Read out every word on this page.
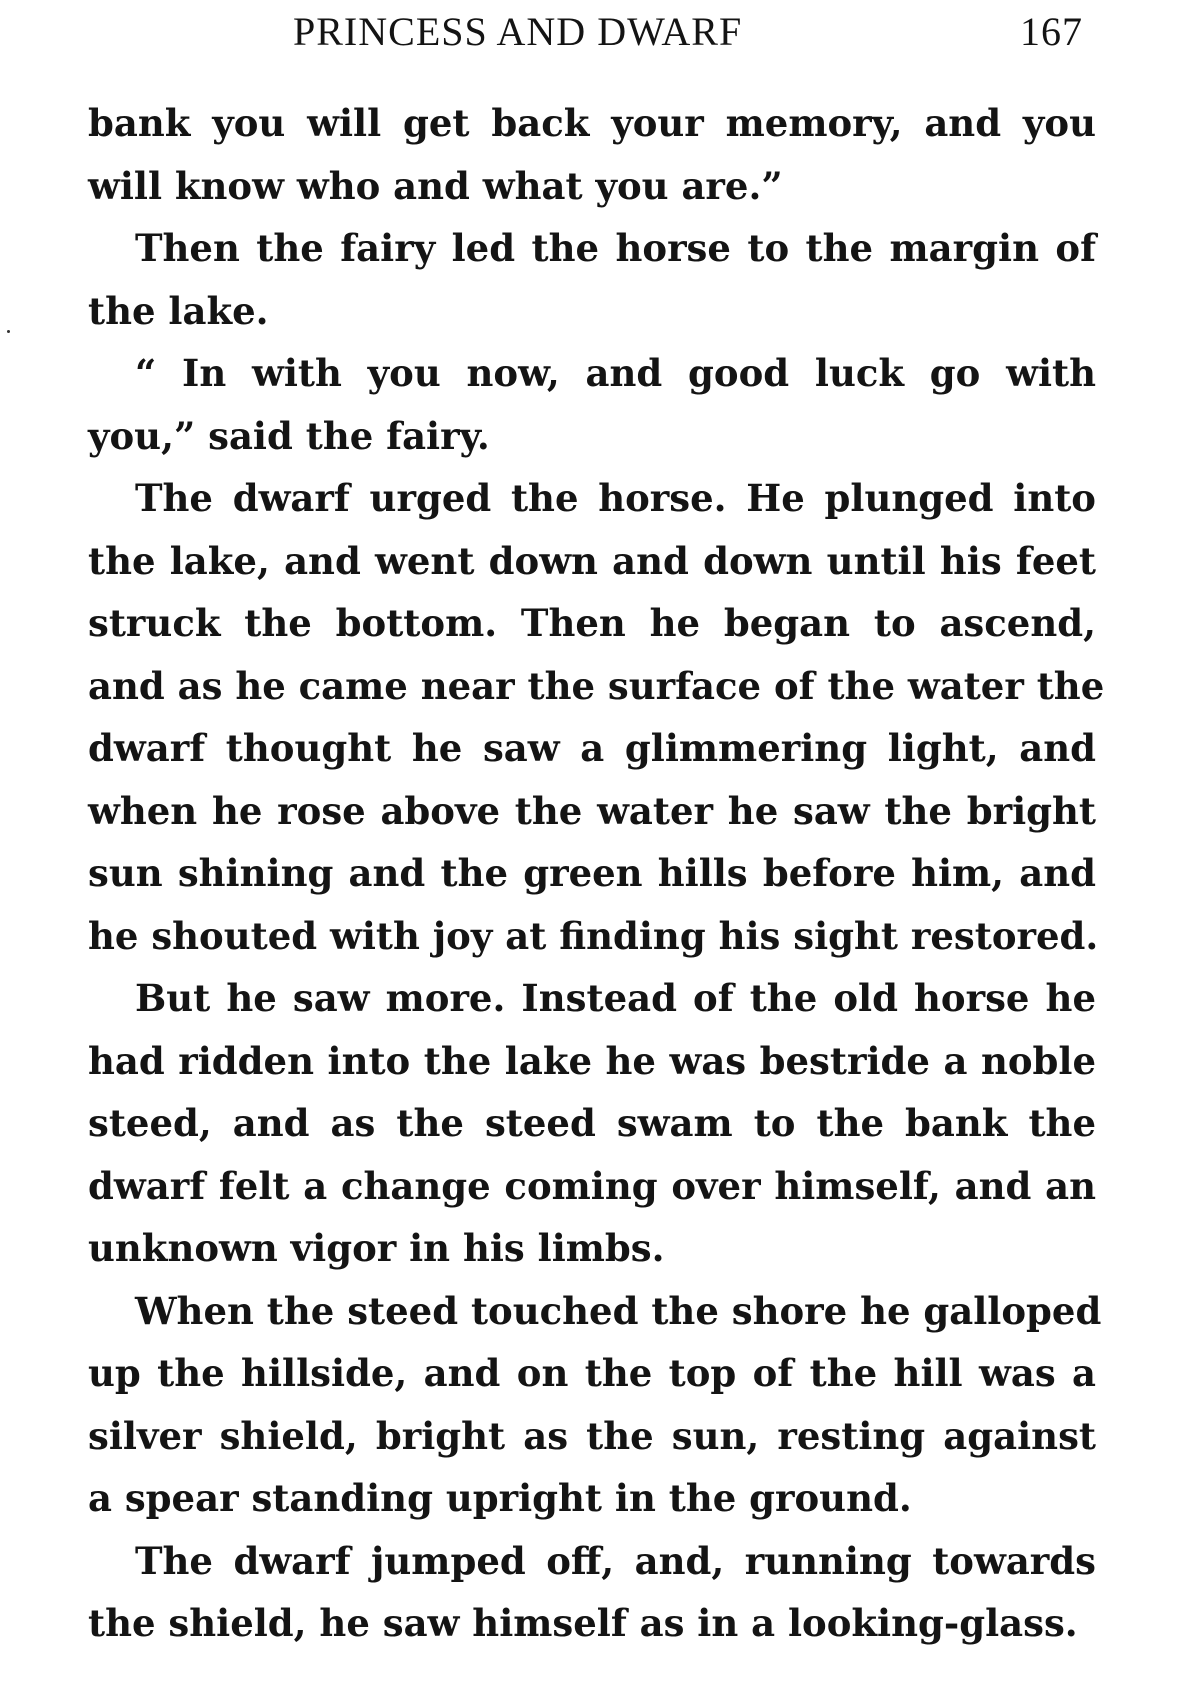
PRINCESS AND DWARF	167
bank you will get back your memory, and you
will know who and what you are.”
Then the fairy led the horse to the margin of
the lake.
“ In with you now, and good luck go with
you,” said the fairy.
The dwarf urged the horse. He plunged into
the lake, and went down and down until his feet
struck the bottom. Then he began to ascend,
and as he came near the surface of the water the
dwarf thought he saw a glimmering light, and
when he rose above the water he saw the bright
sun shining and the green hills before him, and
he shouted with joy at finding his sight restored.
But he saw more. Instead of the old horse he
had ridden into the lake he was bestride a noble
steed, and as the steed swam to the bank the
dwarf felt a change coming over himself, and an
unknown vigor in his limbs.
When the steed touched the shore he galloped
up the hillside, and on the top of the hill was a
silver shield, bright as the sun, resting against
a spear standing upright in the ground.
The dwarf jumped off, and, running towards
the shield, he saw himself as in a looking-glass.
